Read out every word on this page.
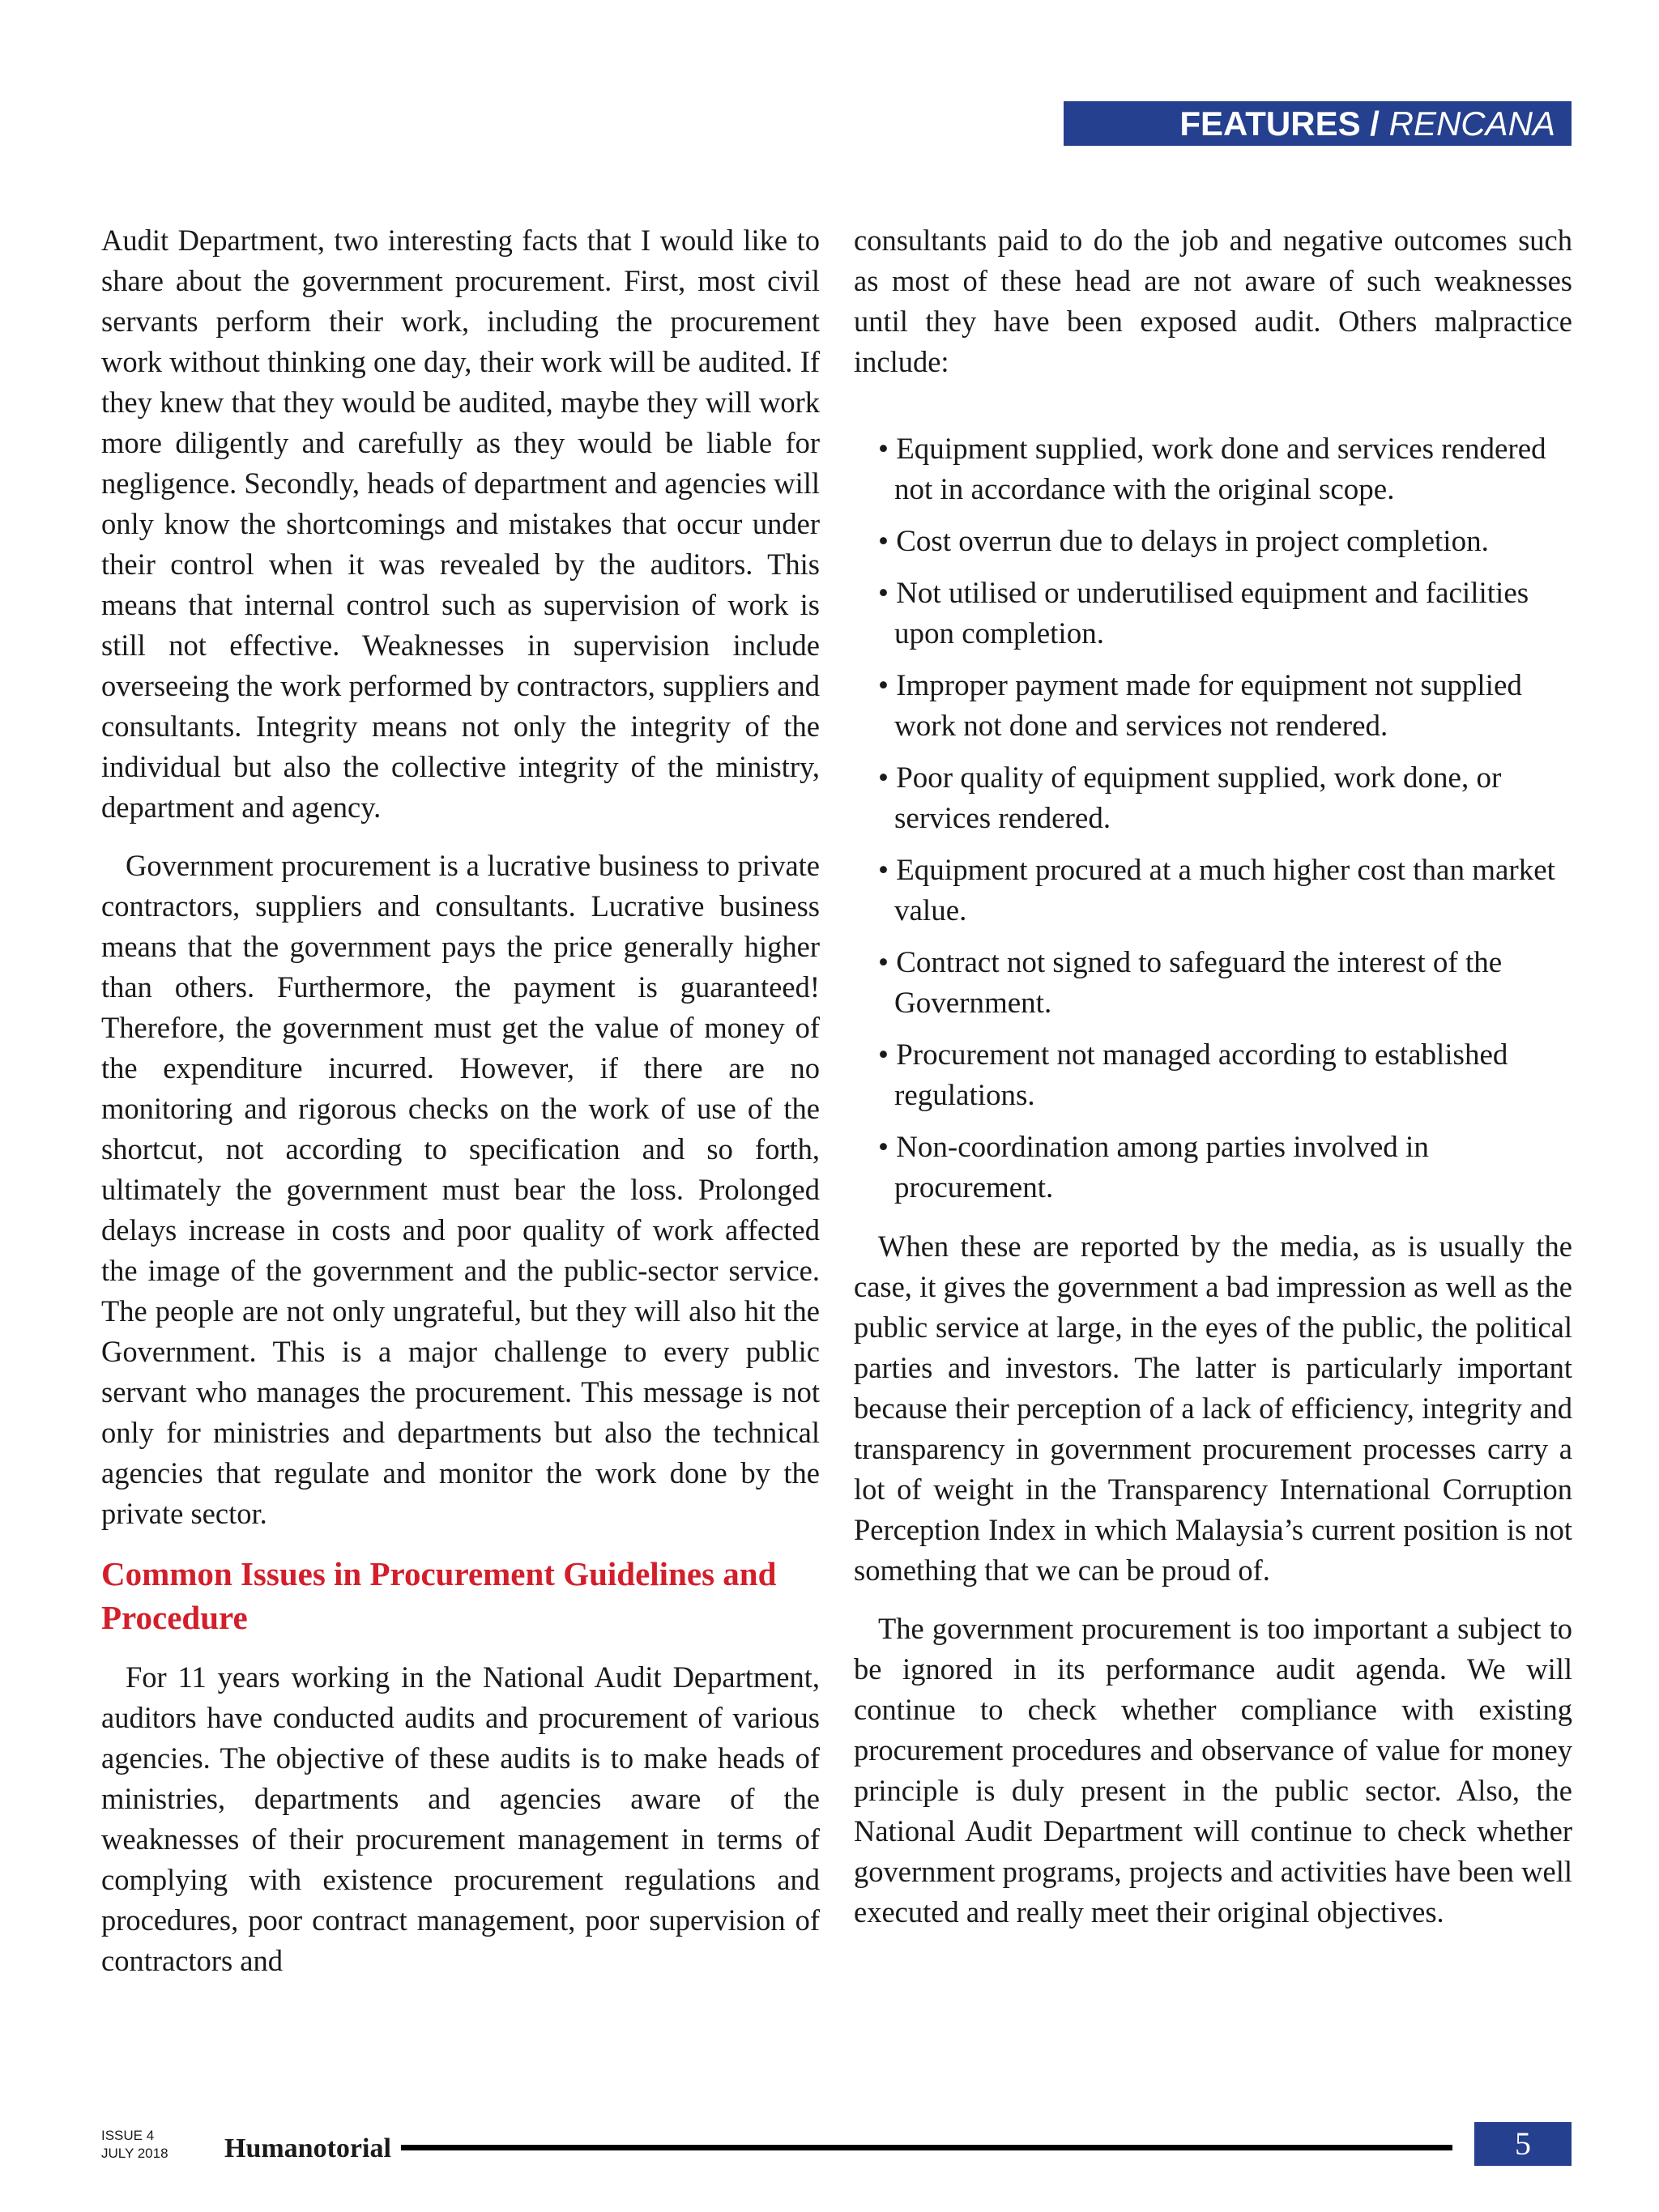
FEATURES / RENCANA

Audit Department, two interesting facts that I would like to share about the government procurement. First, most civil servants perform their work, including the procurement work without thinking one day, their work will be audited. If they knew that they would be audited, maybe they will work more diligently and carefully as they would be liable for negligence. Secondly, heads of department and agencies will only know the shortcomings and mistakes that occur under their control when it was revealed by the auditors. This means that internal control such as supervision of work is still not effective. Weaknesses in supervision include overseeing the work performed by contractors, suppliers and consultants. Integrity means not only the integrity of the individual but also the collective integrity of the ministry, department and agency.

Government procurement is a lucrative business to private contractors, suppliers and consultants. Lucrative business means that the government pays the price generally higher than others. Furthermore, the payment is guaranteed! Therefore, the government must get the value of money of the expenditure incurred. However, if there are no monitoring and rigorous checks on the work of use of the shortcut, not according to specification and so forth, ultimately the government must bear the loss. Prolonged delays increase in costs and poor quality of work affected the image of the government and the public-sector service. The people are not only ungrateful, but they will also hit the Government. This is a major challenge to every public servant who manages the procurement. This message is not only for ministries and departments but also the technical agencies that regulate and monitor the work done by the private sector.

Common Issues in Procurement Guidelines and Procedure

For 11 years working in the National Audit Department, auditors have conducted audits and procurement of various agencies. The objective of these audits is to make heads of ministries, departments and agencies aware of the weaknesses of their procurement management in terms of complying with existence procurement regulations and procedures, poor contract management, poor supervision of contractors and

consultants paid to do the job and negative outcomes such as most of these head are not aware of such weaknesses until they have been exposed audit. Others malpractice include:

• Equipment supplied, work done and services rendered not in accordance with the original scope.
• Cost overrun due to delays in project completion.
• Not utilised or underutilised equipment and facilities upon completion.
• Improper payment made for equipment not supplied work not done and services not rendered.
• Poor quality of equipment supplied, work done, or services rendered.
• Equipment procured at a much higher cost than market value.
• Contract not signed to safeguard the interest of the Government.
• Procurement not managed according to established regulations.
• Non-coordination among parties involved in procurement.

When these are reported by the media, as is usually the case, it gives the government a bad impression as well as the public service at large, in the eyes of the public, the political parties and investors. The latter is particularly important because their perception of a lack of efficiency, integrity and transparency in government procurement processes carry a lot of weight in the Transparency International Corruption Perception Index in which Malaysia’s current position is not something that we can be proud of.

The government procurement is too important a subject to be ignored in its performance audit agenda. We will continue to check whether compliance with existing procurement procedures and observance of value for money principle is duly present in the public sector. Also, the National Audit Department will continue to check whether government programs, projects and activities have been well executed and really meet their original objectives.

ISSUE 4
JULY 2018 Humanotorial	5
